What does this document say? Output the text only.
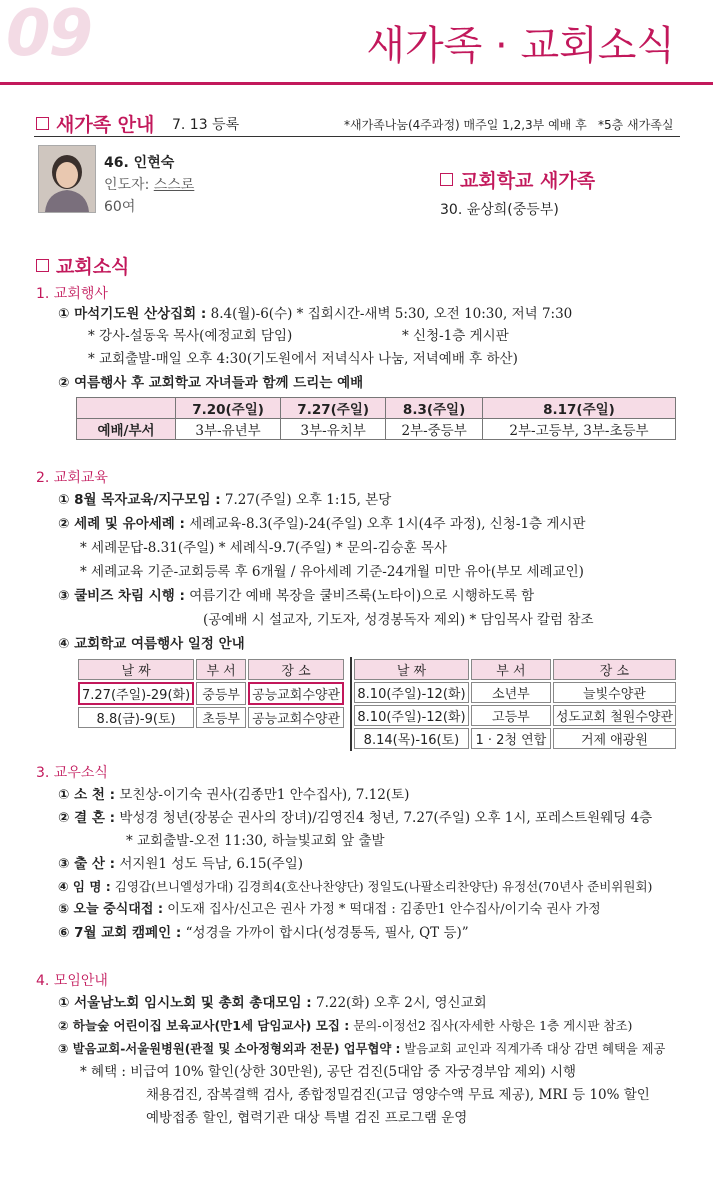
09	새가족 · 교회소식
새가족 안내 7. 13 등록	*새가족나눔(4주과정) 매주일 1,2,3부 예배 후 *5층 새가족실
46. 인현숙
인도자: 스스로
60여
교회학교 새가족
30. 윤상희(중등부)
교회소식
1. 교회행사
① 마석기도원 산상집회 : 8.4(월)-6(수) * 집회시간-새벽 5:30, 오전 10:30, 저녁 7:30
* 강사-설동욱 목사(예정교회 담임)	* 신청-1층 게시판
* 교회출발-매일 오후 4:30(기도원에서 저녁식사 나눔, 저녁예배 후 하산)
② 여름행사 후 교회학교 자녀들과 함께 드리는 예배
	7.20(주일)	7.27(주일)	8.3(주일)	8.17(주일)
예배/부서	3부-유년부	3부-유치부	2부-중등부	2부-고등부, 3부-초등부
2. 교회교육
① 8월 목자교육/지구모임 : 7.27(주일) 오후 1:15, 본당
② 세례 및 유아세례 : 세례교육-8.3(주일)-24(주일) 오후 1시(4주 과정), 신청-1층 게시판
* 세례문답-8.31(주일) * 세례식-9.7(주일) * 문의-김승훈 목사
* 세례교육 기준-교회등록 후 6개월 / 유아세례 기준-24개월 미만 유아(부모 세례교인)
③ 쿨비즈 차림 시행 : 여름기간 예배 복장을 쿨비즈룩(노타이)으로 시행하도록 함
(공예배 시 설교자, 기도자, 성경봉독자 제외) * 담임목사 칼럼 참조
④ 교회학교 여름행사 일정 안내
날 짜	부 서	장 소
7.27(주일)-29(화)	중등부	공능교회수양관
8.8(금)-9(토)	초등부	공능교회수양관
날 짜	부 서	장 소
8.10(주일)-12(화)	소년부	늘빛수양관
8.10(주일)-12(화)	고등부	성도교회 철원수양관
8.14(목)-16(토)	1 · 2청 연합	거제 애광원
3. 교우소식
① 소 천 : 모친상-이기숙 권사(김종만1 안수집사), 7.12(토)
② 결 혼 : 박성경 청년(장봉순 권사의 장녀)/김영진4 청년, 7.27(주일) 오후 1시, 포레스트원웨딩 4층
* 교회출발-오전 11:30, 하늘빛교회 앞 출발
③ 출 산 : 서지원1 성도 득남, 6.15(주일)
④ 임 명 : 김영갑(브니엘성가대) 김경희4(호산나찬양단) 정일도(나팔소리찬양단) 유정선(70년사 준비위원회)
⑤ 오늘 중식대접 : 이도재 집사/신고은 권사 가정 * 떡대접 : 김종만1 안수집사/이기숙 권사 가정
⑥ 7월 교회 캠페인 : “성경을 가까이 합시다(성경통독, 필사, QT 등)”
4. 모임안내
① 서울남노회 임시노회 및 총회 총대모임 : 7.22(화) 오후 2시, 영신교회
② 하늘숲 어린이집 보육교사(만1세 담임교사) 모집 : 문의-이정선2 집사(자세한 사항은 1층 게시판 참조)
③ 발음교회-서울원병원(관절 및 소아정형외과 전문) 업무협약 : 발음교회 교인과 직계가족 대상 감면 혜택을 제공
* 혜택 : 비급여 10% 할인(상한 30만원), 공단 검진(5대암 중 자궁경부암 제외) 시행
채용검진, 잠복결핵 검사, 종합정밀검진(고급 영양수액 무료 제공), MRI 등 10% 할인
예방접종 할인, 협력기관 대상 특별 검진 프로그램 운영
